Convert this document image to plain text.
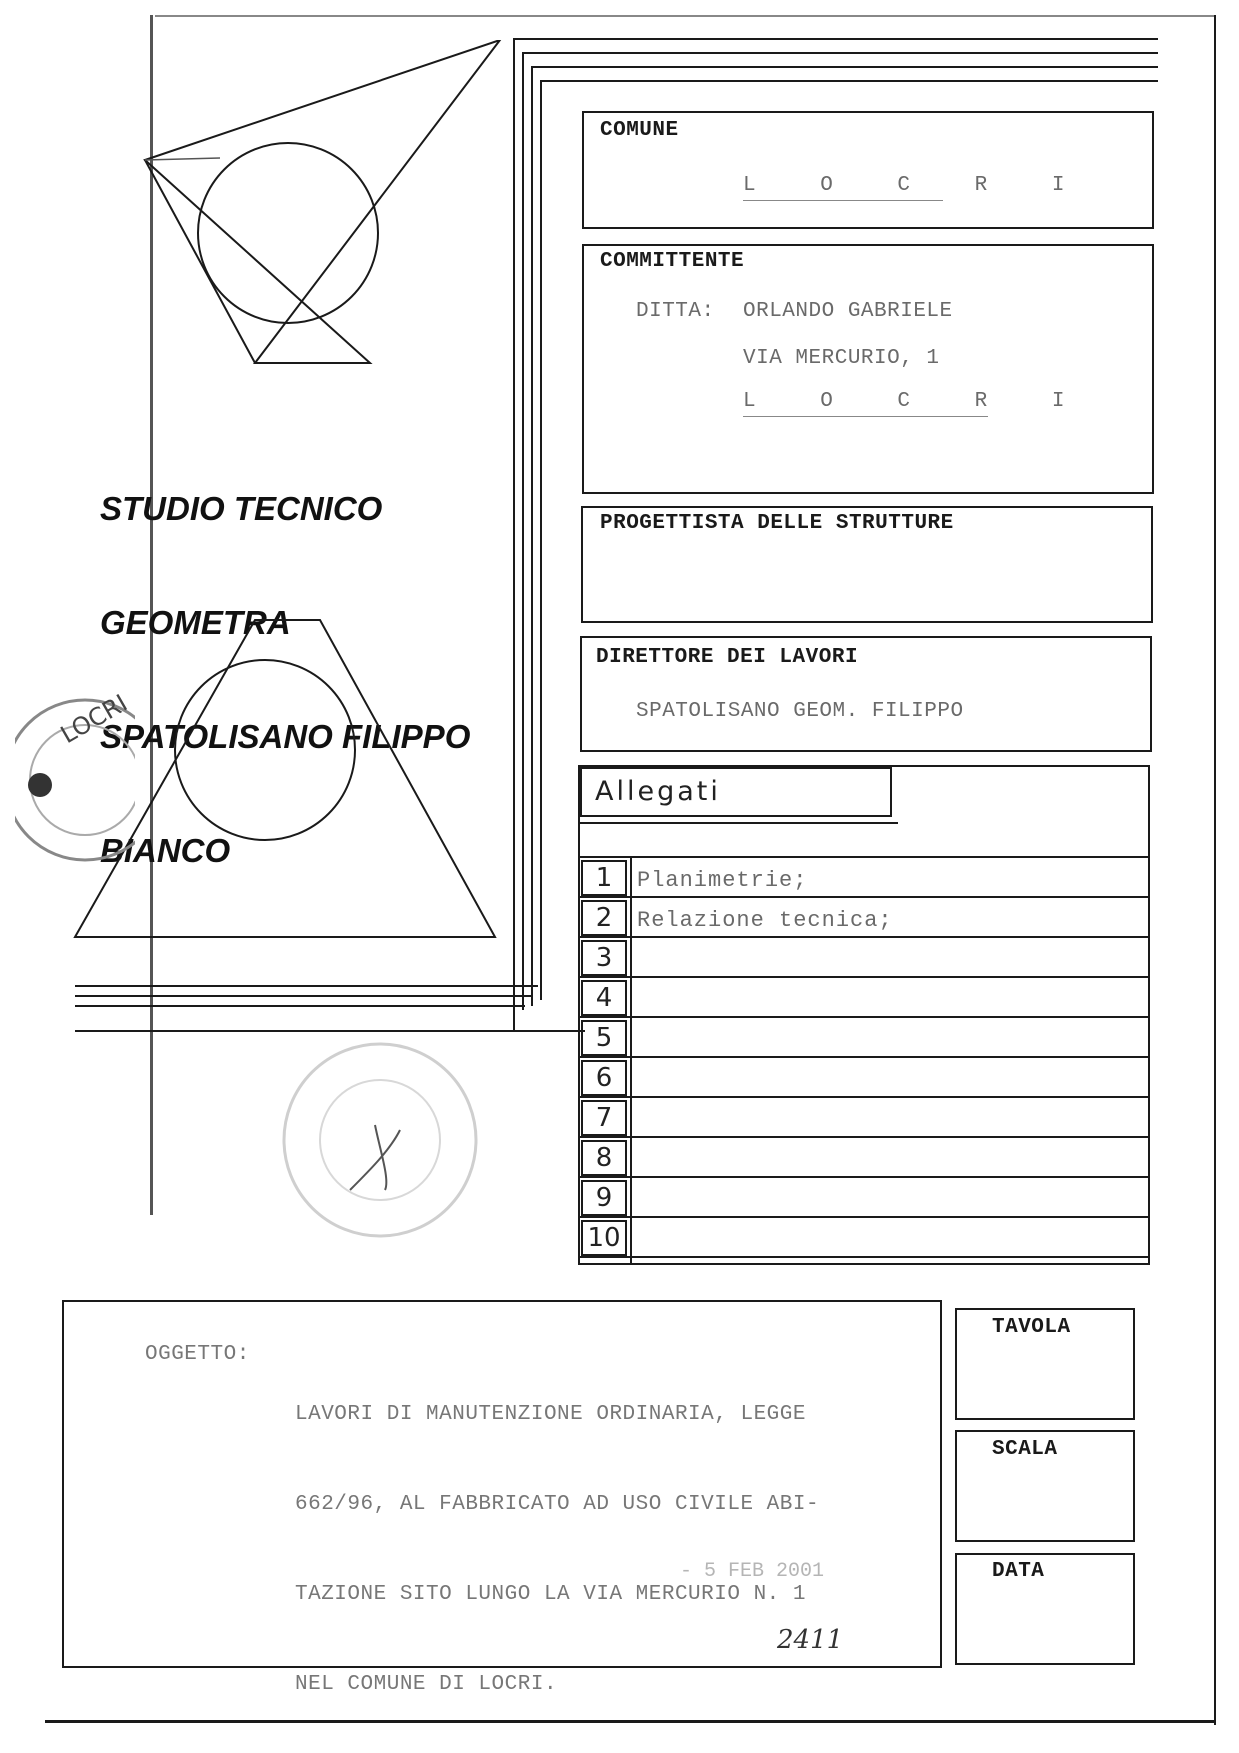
STUDIO TECNICO

GEOMETRA

SPATOLISANO FILIPPO

BIANCO

LOCRI
COMUNE
L O C R I
COMMITTENTE
DITTA: ORLANDO GABRIELE
VIA MERCURIO, 1
L O C R I
PROGETTISTA DELLE STRUTTURE
DIRETTORE DEI LAVORI
SPATOLISANO GEOM. FILIPPO
Allegati
1
2
3
4
5
6
7
8
9
10
Planimetrie;
Relazione tecnica;
OGGETTO:

LAVORI DI MANUTENZIONE ORDINARIA, LEGGE

662/96, AL FABBRICATO AD USO CIVILE ABI-

TAZIONE SITO LUNGO LA VIA MERCURIO N. 1

NEL COMUNE DI LOCRI.

- 5 FEB 2001
2411
TAVOLA
SCALA
DATA
